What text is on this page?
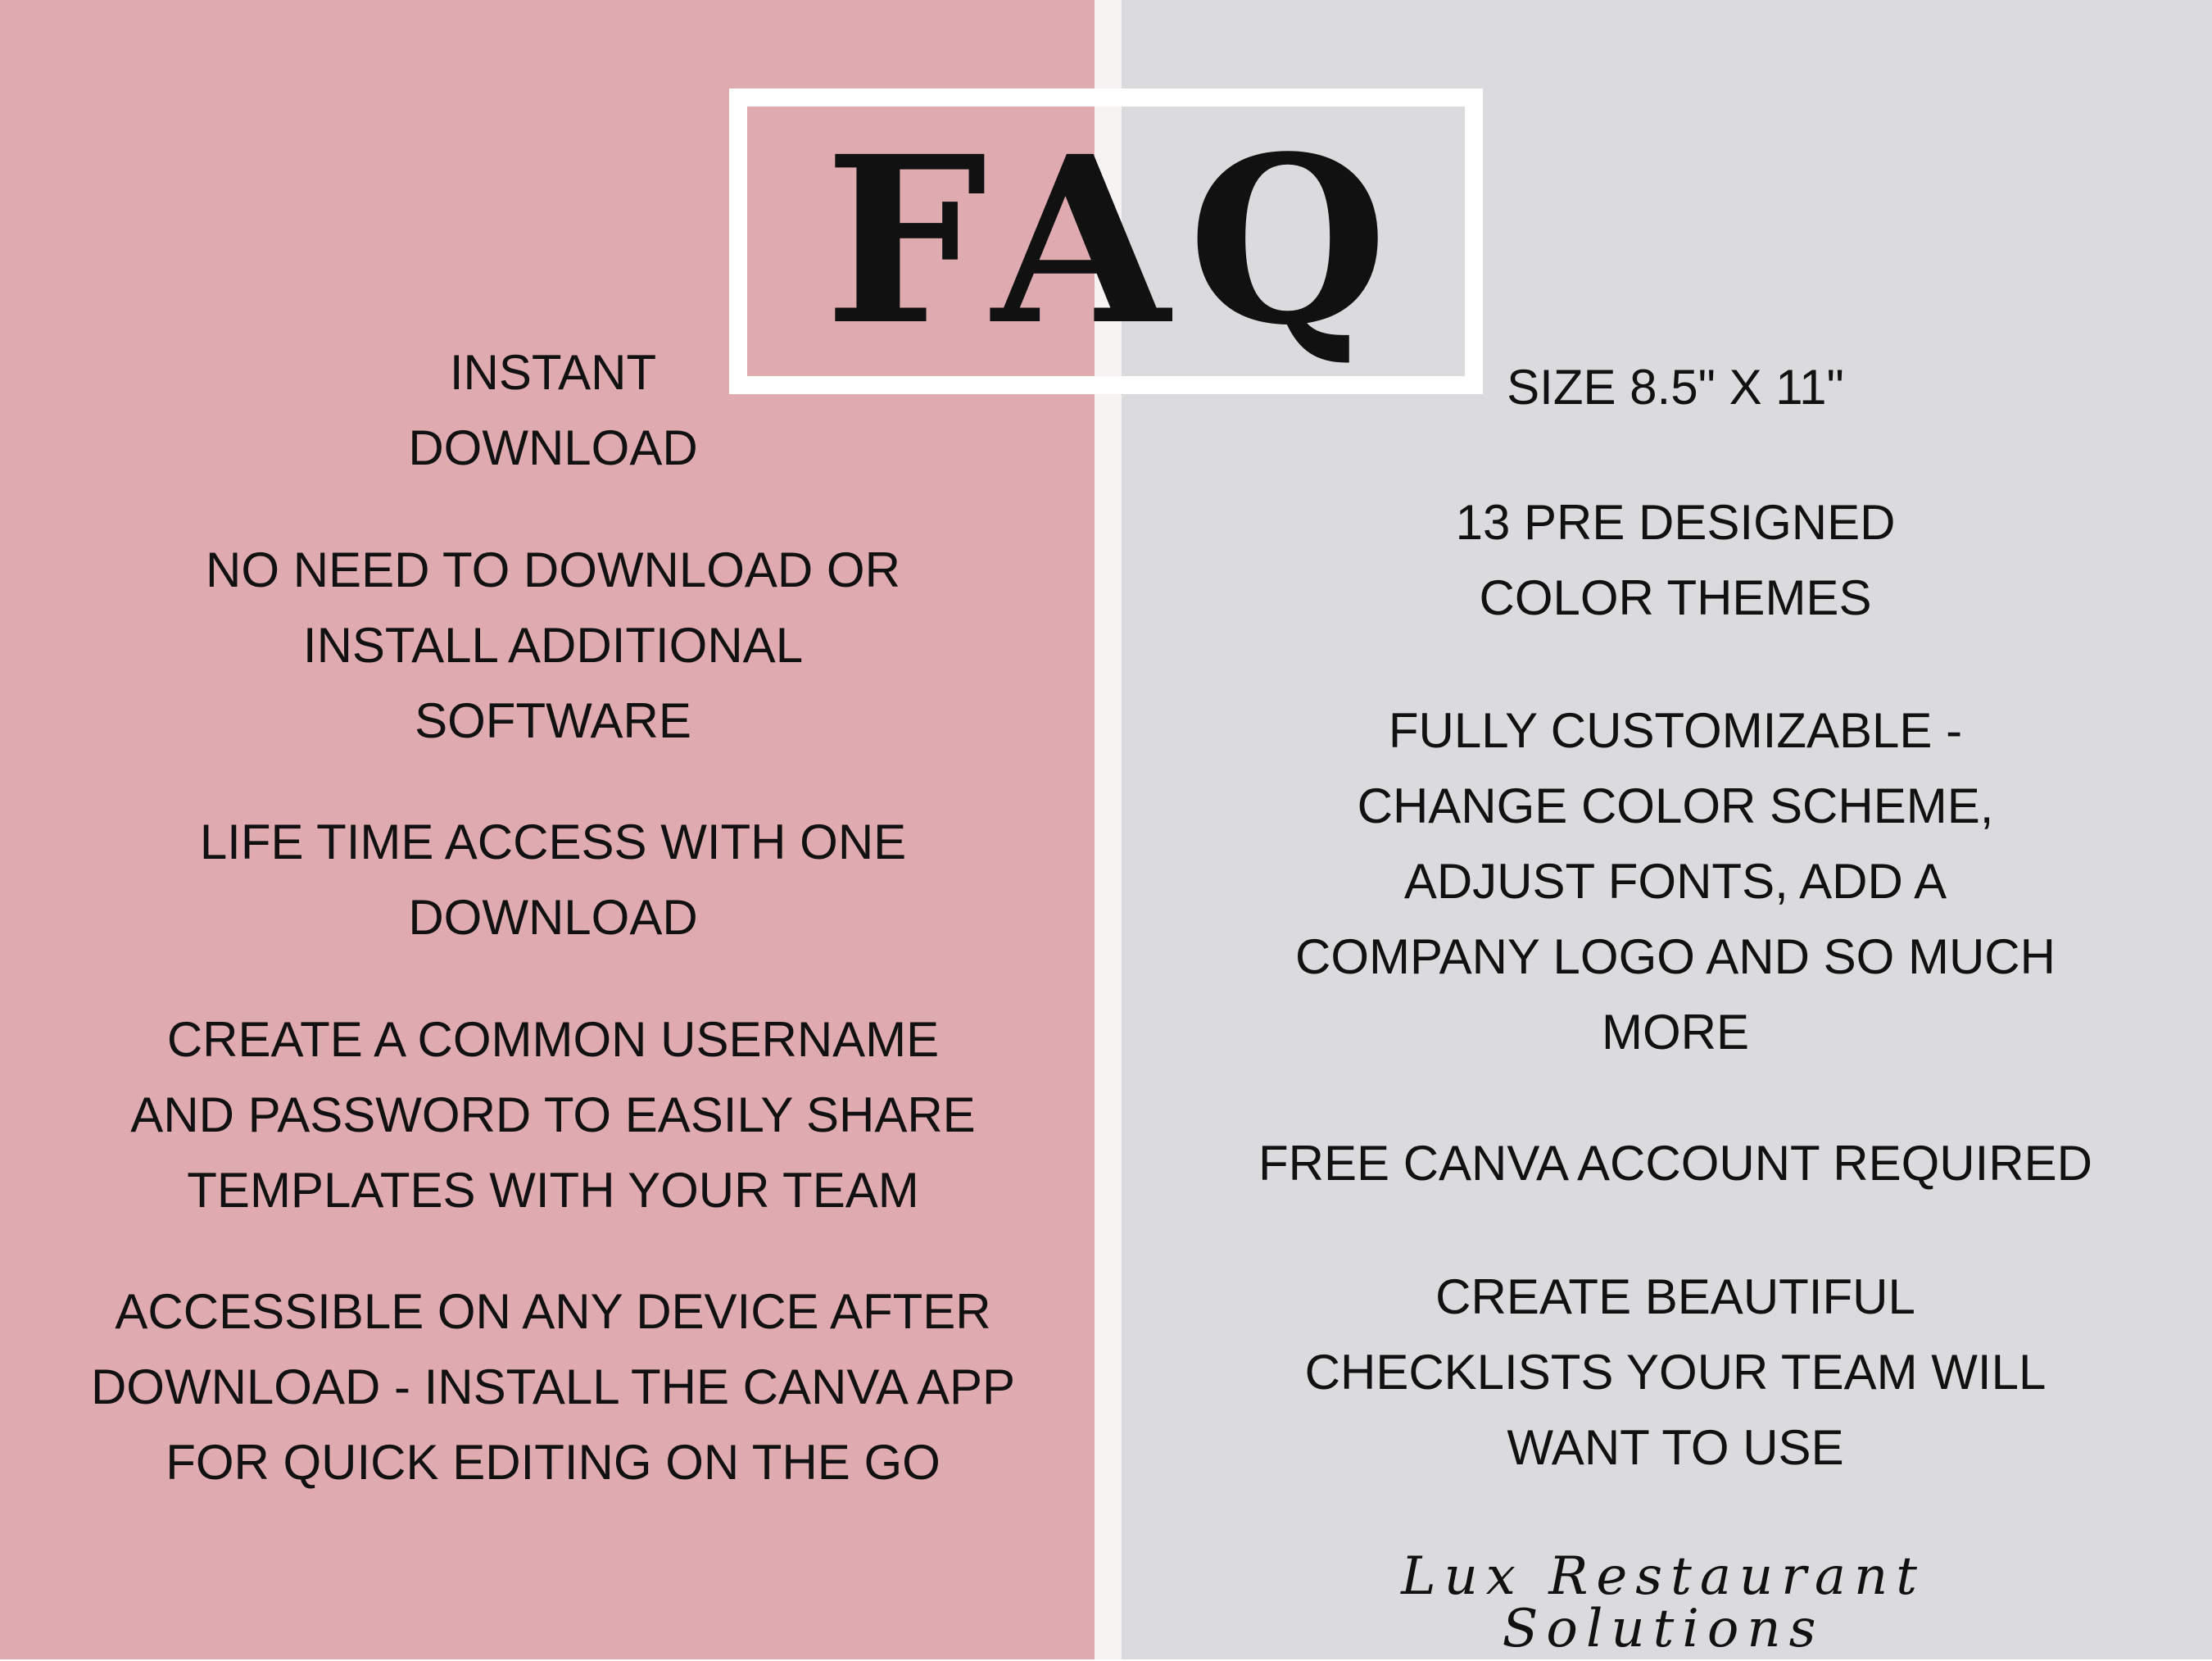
FAQ

INSTANT
DOWNLOAD

NO NEED TO DOWNLOAD OR
INSTALL ADDITIONAL
SOFTWARE

LIFE TIME ACCESS WITH ONE
DOWNLOAD

CREATE A COMMON USERNAME
AND PASSWORD TO EASILY SHARE
TEMPLATES WITH YOUR TEAM

ACCESSIBLE ON ANY DEVICE AFTER
DOWNLOAD - INSTALL THE CANVA APP
FOR QUICK EDITING ON THE GO

SIZE 8.5" X 11"

13 PRE DESIGNED
COLOR THEMES

FULLY CUSTOMIZABLE -
CHANGE COLOR SCHEME,
ADJUST FONTS, ADD A
COMPANY LOGO AND SO MUCH
MORE

FREE CANVA ACCOUNT REQUIRED

CREATE BEAUTIFUL
CHECKLISTS YOUR TEAM WILL
WANT TO USE

Lux Restaurant Solutions
